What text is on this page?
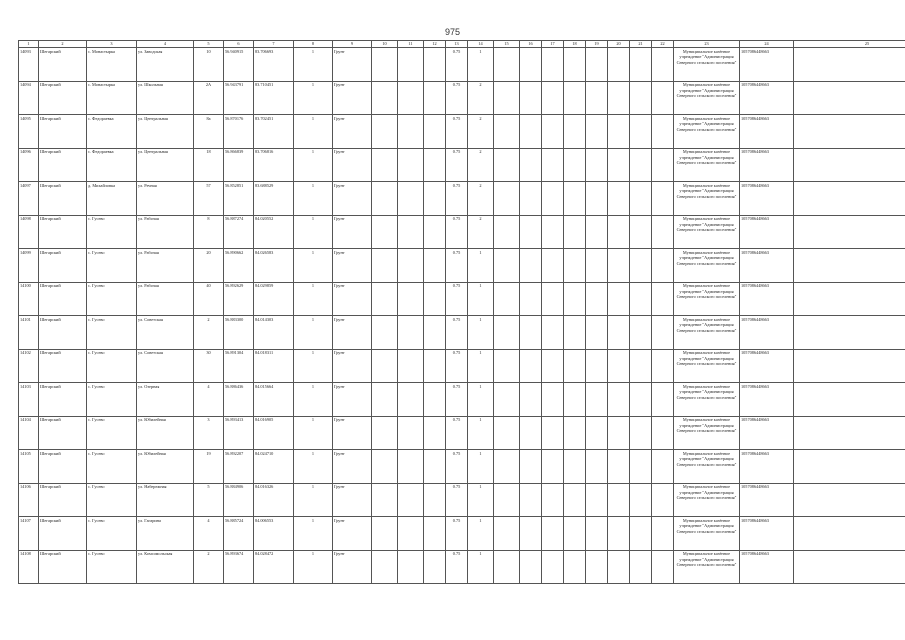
975
1	2	3	4	5	6	7	8	9	10	11	12	13	14	15	16	17	18	19	20	21	22	23	24	25
14093	Шегарский	с. Монастырка	ул. Заводская	10	56.940915	83.706693	1	Грунт				0.75	1									Муниципальное казённое учреждение "Администрация Северного сельского поселения"	1057086448663	
14094	Шегарский	с. Монастырка	ул. Школьная	2А	56.943791	83.710451	1	Грунт				0.75	2									Муниципальное казённое учреждение "Администрация Северного сельского поселения"	1057086448663	
14095	Шегарский	с. Федораевка	ул. Центральная	8а	56.870176	83.702451	1	Грунт				0.75	2									Муниципальное казённое учреждение "Администрация Северного сельского поселения"	1057086448663	
14096	Шегарский	с. Федораевка	ул. Центральная	18	56.866839	83.706816	1	Грунт				0.75	2									Муниципальное казённое учреждение "Администрация Северного сельского поселения"	1057086448663	
14097	Шегарский	д. Михайловка	ул. Речная	57	56.852851	83.688529	1	Грунт				0.75	2									Муниципальное казённое учреждение "Администрация Северного сельского поселения"	1057086448663	
14098	Шегарский	с. Гусево	ул. Рабочая	8	56.887274	84.020552	1	Грунт				0.75	2									Муниципальное казённое учреждение "Администрация Северного сельского поселения"	1057086448663	
14099	Шегарский	с. Гусево	ул. Рабочая	20	56.890662	84.026583	1	Грунт				0.75	1									Муниципальное казённое учреждение "Администрация Северного сельского поселения"	1057086448663	
14100	Шегарский	с. Гусево	ул. Рабочая	40	56.892629	84.029859	1	Грунт				0.75	1									Муниципальное казённое учреждение "Администрация Северного сельского поселения"	1057086448663	
14101	Шегарский	с. Гусево	ул. Советская	2	56.883300	84.014303	1	Грунт				0.75	1									Муниципальное казённое учреждение "Администрация Северного сельского поселения"	1057086448663	
14102	Шегарский	с. Гусево	ул. Советская	30	56.891304	84.018311	1	Грунт				0.75	1									Муниципальное казённое учреждение "Администрация Северного сельского поселения"	1057086448663	
14103	Шегарский	с. Гусево	ул. Озерная	4	56.886436	84.015664	1	Грунт				0.75	1									Муниципальное казённое учреждение "Администрация Северного сельского поселения"	1057086448663	
14104	Шегарский	с. Гусево	ул. Юбилейная	3	56.893413	84.016905	1	Грунт				0.75	1									Муниципальное казённое учреждение "Администрация Северного сельского поселения"	1057086448663	
14105	Шегарский	с. Гусево	ул. Юбилейная	19	56.892207	84.024710	1	Грунт				0.75	1									Муниципальное казённое учреждение "Администрация Северного сельского поселения"	1057086448663	
14106	Шегарский	с. Гусево	ул. Набережная	5	56.884906	84.016326	1	Грунт				0.75	1									Муниципальное казённое учреждение "Администрация Северного сельского поселения"	1057086448663	
14107	Шегарский	с. Гусево	ул. Гагарина	4	56.885724	84.006553	1	Грунт				0.75	1									Муниципальное казённое учреждение "Администрация Северного сельского поселения"	1057086448663	
14108	Шегарский	с. Гусево	ул. Комсомольская	2	56.893674	84.028472	1	Грунт				0.75	1									Муниципальное казённое учреждение "Администрация Северного сельского поселения"	1057086448663	
